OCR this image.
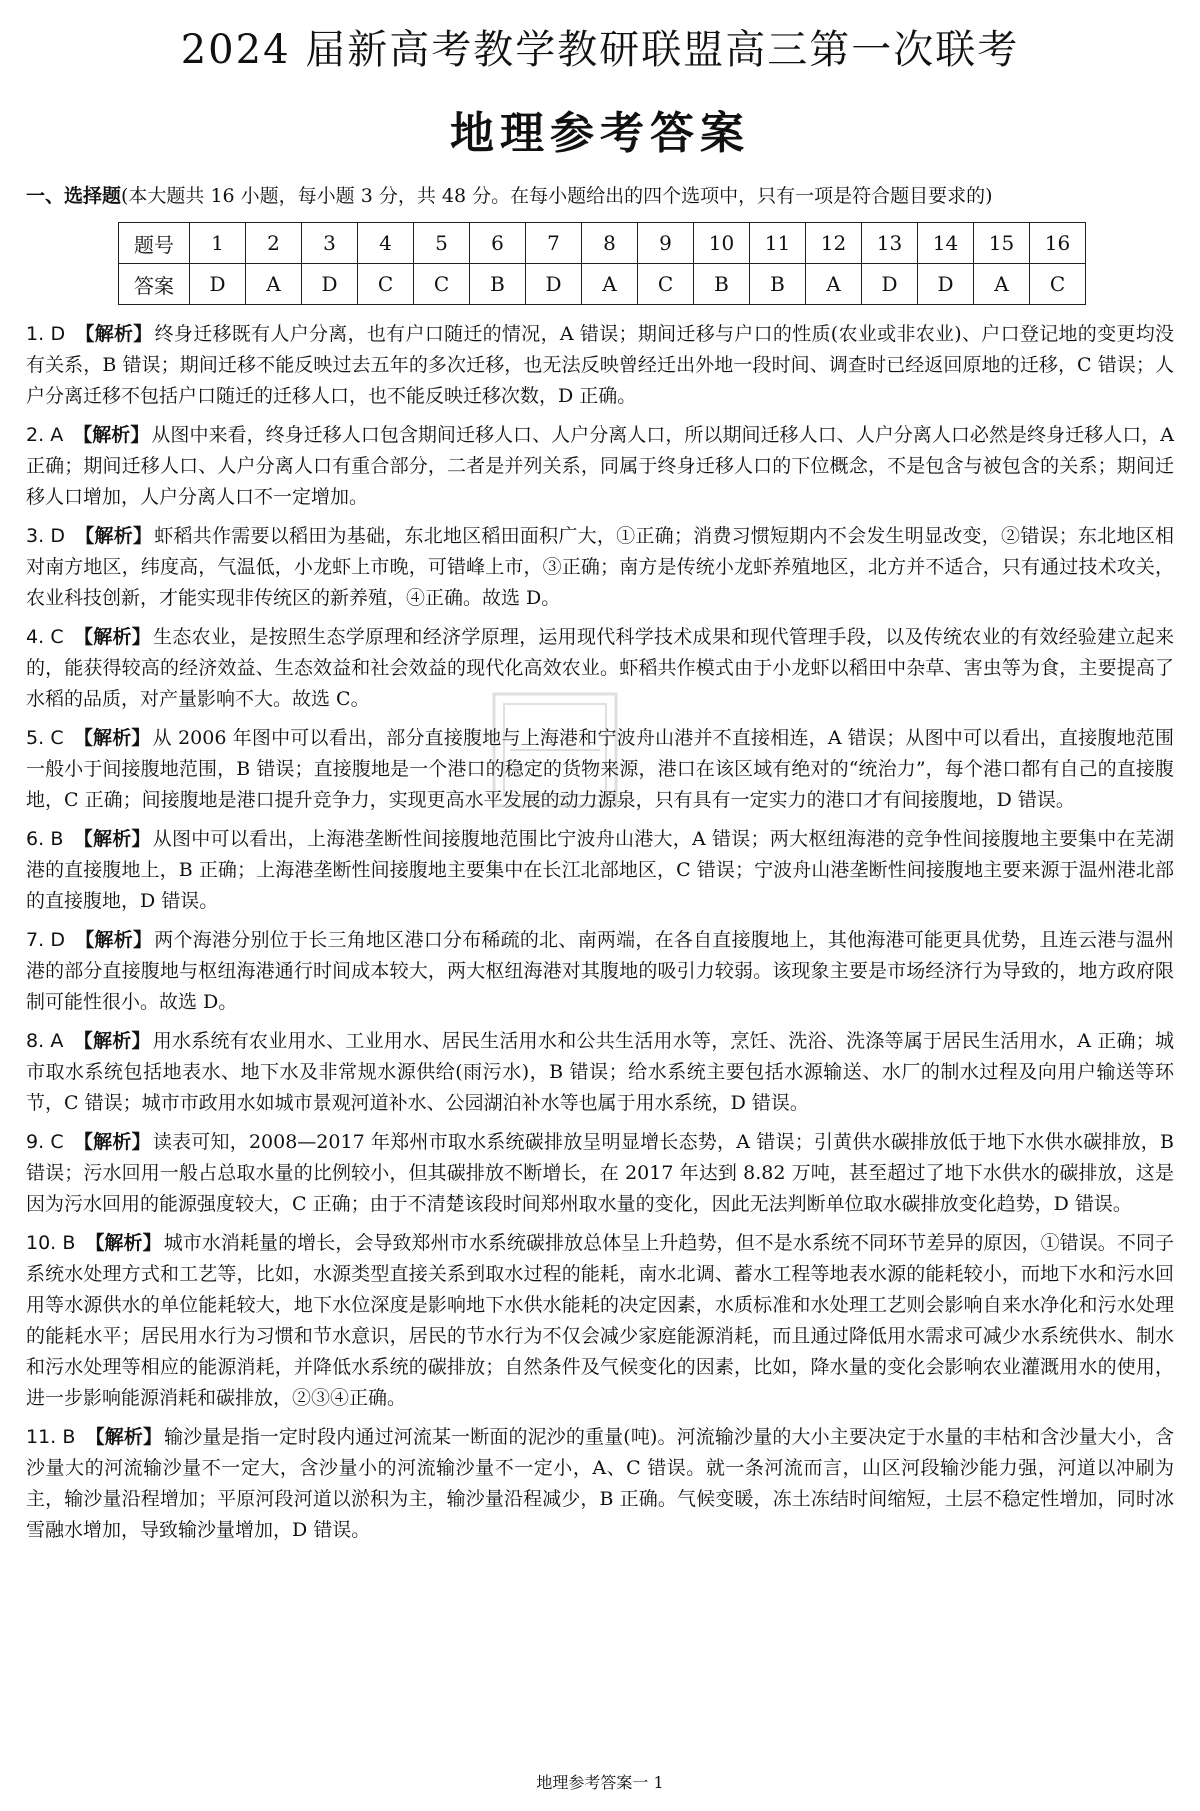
2024 届新高考教学教研联盟高三第一次联考
地理参考答案
一、选择题(本大题共 16 小题，每小题 3 分，共 48 分。在每小题给出的四个选项中，只有一项是符合题目要求的)
题号	1	2	3	4	5	6	7	8	9	10	11	12	13	14	15	16
答案	D	A	D	C	C	B	D	A	C	B	B	A	D	D	A	C
1. D 【解析】 终身迁移既有人户分离，也有户口随迁的情况，A 错误；期间迁移与户口的性质(农业或非农业)、户口登记地的变更均没有关系，B 错误；期间迁移不能反映过去五年的多次迁移，也无法反映曾经迁出外地一段时间、调查时已经返回原地的迁移，C 错误；人户分离迁移不包括户口随迁的迁移人口，也不能反映迁移次数，D 正确。
2. A 【解析】 从图中来看，终身迁移人口包含期间迁移人口、人户分离人口，所以期间迁移人口、人户分离人口必然是终身迁移人口，A 正确；期间迁移人口、人户分离人口有重合部分，二者是并列关系，同属于终身迁移人口的下位概念，不是包含与被包含的关系；期间迁移人口增加，人户分离人口不一定增加。
3. D 【解析】 虾稻共作需要以稻田为基础，东北地区稻田面积广大，①正确；消费习惯短期内不会发生明显改变，②错误；东北地区相对南方地区，纬度高，气温低，小龙虾上市晚，可错峰上市，③正确；南方是传统小龙虾养殖地区，北方并不适合，只有通过技术攻关，农业科技创新，才能实现非传统区的新养殖，④正确。故选 D。
4. C 【解析】 生态农业，是按照生态学原理和经济学原理，运用现代科学技术成果和现代管理手段，以及传统农业的有效经验建立起来的，能获得较高的经济效益、生态效益和社会效益的现代化高效农业。虾稻共作模式由于小龙虾以稻田中杂草、害虫等为食，主要提高了水稻的品质，对产量影响不大。故选 C。
5. C 【解析】 从 2006 年图中可以看出，部分直接腹地与上海港和宁波舟山港并不直接相连，A 错误；从图中可以看出，直接腹地范围一般小于间接腹地范围，B 错误；直接腹地是一个港口的稳定的货物来源，港口在该区域有绝对的“统治力”，每个港口都有自己的直接腹地，C 正确；间接腹地是港口提升竞争力，实现更高水平发展的动力源泉，只有具有一定实力的港口才有间接腹地，D 错误。
6. B 【解析】 从图中可以看出，上海港垄断性间接腹地范围比宁波舟山港大，A 错误；两大枢纽海港的竞争性间接腹地主要集中在芜湖港的直接腹地上，B 正确；上海港垄断性间接腹地主要集中在长江北部地区，C 错误；宁波舟山港垄断性间接腹地主要来源于温州港北部的直接腹地，D 错误。
7. D 【解析】 两个海港分别位于长三角地区港口分布稀疏的北、南两端，在各自直接腹地上，其他海港可能更具优势，且连云港与温州港的部分直接腹地与枢纽海港通行时间成本较大，两大枢纽海港对其腹地的吸引力较弱。该现象主要是市场经济行为导致的，地方政府限制可能性很小。故选 D。
8. A 【解析】 用水系统有农业用水、工业用水、居民生活用水和公共生活用水等，烹饪、洗浴、洗涤等属于居民生活用水，A 正确；城市取水系统包括地表水、地下水及非常规水源供给(雨污水)，B 错误；给水系统主要包括水源输送、水厂的制水过程及向用户输送等环节，C 错误；城市市政用水如城市景观河道补水、公园湖泊补水等也属于用水系统，D 错误。
9. C 【解析】 读表可知，2008—2017 年郑州市取水系统碳排放呈明显增长态势，A 错误；引黄供水碳排放低于地下水供水碳排放，B 错误；污水回用一般占总取水量的比例较小，但其碳排放不断增长，在 2017 年达到 8.82 万吨，甚至超过了地下水供水的碳排放，这是因为污水回用的能源强度较大，C 正确；由于不清楚该段时间郑州取水量的变化，因此无法判断单位取水碳排放变化趋势，D 错误。
10. B 【解析】 城市水消耗量的增长，会导致郑州市水系统碳排放总体呈上升趋势，但不是水系统不同环节差异的原因，①错误。不同子系统水处理方式和工艺等，比如，水源类型直接关系到取水过程的能耗，南水北调、蓄水工程等地表水源的能耗较小，而地下水和污水回用等水源供水的单位能耗较大，地下水位深度是影响地下水供水能耗的决定因素，水质标准和水处理工艺则会影响自来水净化和污水处理的能耗水平；居民用水行为习惯和节水意识，居民的节水行为不仅会减少家庭能源消耗，而且通过降低用水需求可减少水系统供水、制水和污水处理等相应的能源消耗，并降低水系统的碳排放；自然条件及气候变化的因素，比如，降水量的变化会影响农业灌溉用水的使用，进一步影响能源消耗和碳排放，②③④正确。
11. B 【解析】 输沙量是指一定时段内通过河流某一断面的泥沙的重量(吨)。河流输沙量的大小主要决定于水量的丰枯和含沙量大小，含沙量大的河流输沙量不一定大，含沙量小的河流输沙量不一定小，A、C 错误。就一条河流而言，山区河段输沙能力强，河道以冲刷为主，输沙量沿程增加；平原河段河道以淤积为主，输沙量沿程减少，B 正确。气候变暖，冻土冻结时间缩短，土层不稳定性增加，同时冰雪融水增加，导致输沙量增加，D 错误。
地理参考答案一 1
